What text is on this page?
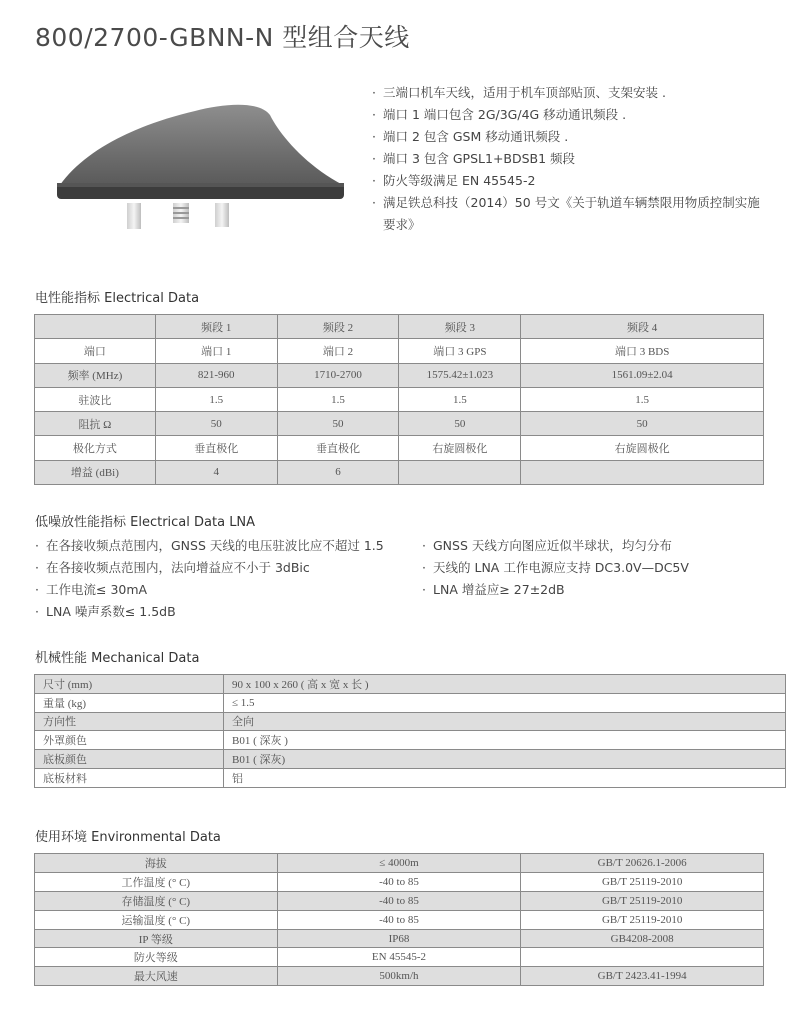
800/2700-GBNN-N 型组合天线
· 三端口机车天线，适用于机车顶部贴顶、支架安装 .
· 端口 1 端口包含 2G/3G/4G 移动通讯频段 .
· 端口 2 包含 GSM 移动通讯频段 .
· 端口 3 包含 GPSL1+BDSB1 频段
· 防火等级满足 EN 45545-2
· 满足铁总科技（2014）50 号文《关于轨道车辆禁限用物质控制实施要求》
电性能指标 Electrical Data
	频段 1	频段 2	频段 3	频段 4
端口	端口 1	端口 2	端口 3 GPS	端口 3 BDS
频率 (MHz)	821-960	1710-2700	1575.42±1.023	1561.09±2.04
驻波比	1.5	1.5	1.5	1.5
阻抗 Ω	50	50	50	50
极化方式	垂直极化	垂直极化	右旋圆极化	右旋圆极化
增益 (dBi)	4	6		
低噪放性能指标 Electrical Data LNA
· 在各接收频点范围内，GNSS 天线的电压驻波比应不超过 1.5
· 在各接收频点范围内，法向增益应不小于 3dBic
· 工作电流≤ 30mA
· LNA 噪声系数≤ 1.5dB
· GNSS 天线方向图应近似半球状，均匀分布
· 天线的 LNA 工作电源应支持 DC3.0V—DC5V
· LNA 增益应≥ 27±2dB
机械性能 Mechanical Data
尺寸 (mm)	90 x 100 x 260 ( 高 x 宽 x 长 )
重量 (kg)	≤ 1.5
方向性	全向
外罩颜色	B01 ( 深灰 )
底板颜色	B01 ( 深灰)
底板材料	铝
使用环境 Environmental Data
海拔	≤ 4000m	GB/T 20626.1-2006
工作温度 (° C)	-40 to 85	GB/T 25119-2010
存储温度 (° C)	-40 to 85	GB/T 25119-2010
运输温度 (° C)	-40 to 85	GB/T 25119-2010
IP 等级	IP68	GB4208-2008
防火等级	EN 45545-2	
最大风速	500km/h	GB/T 2423.41-1994
